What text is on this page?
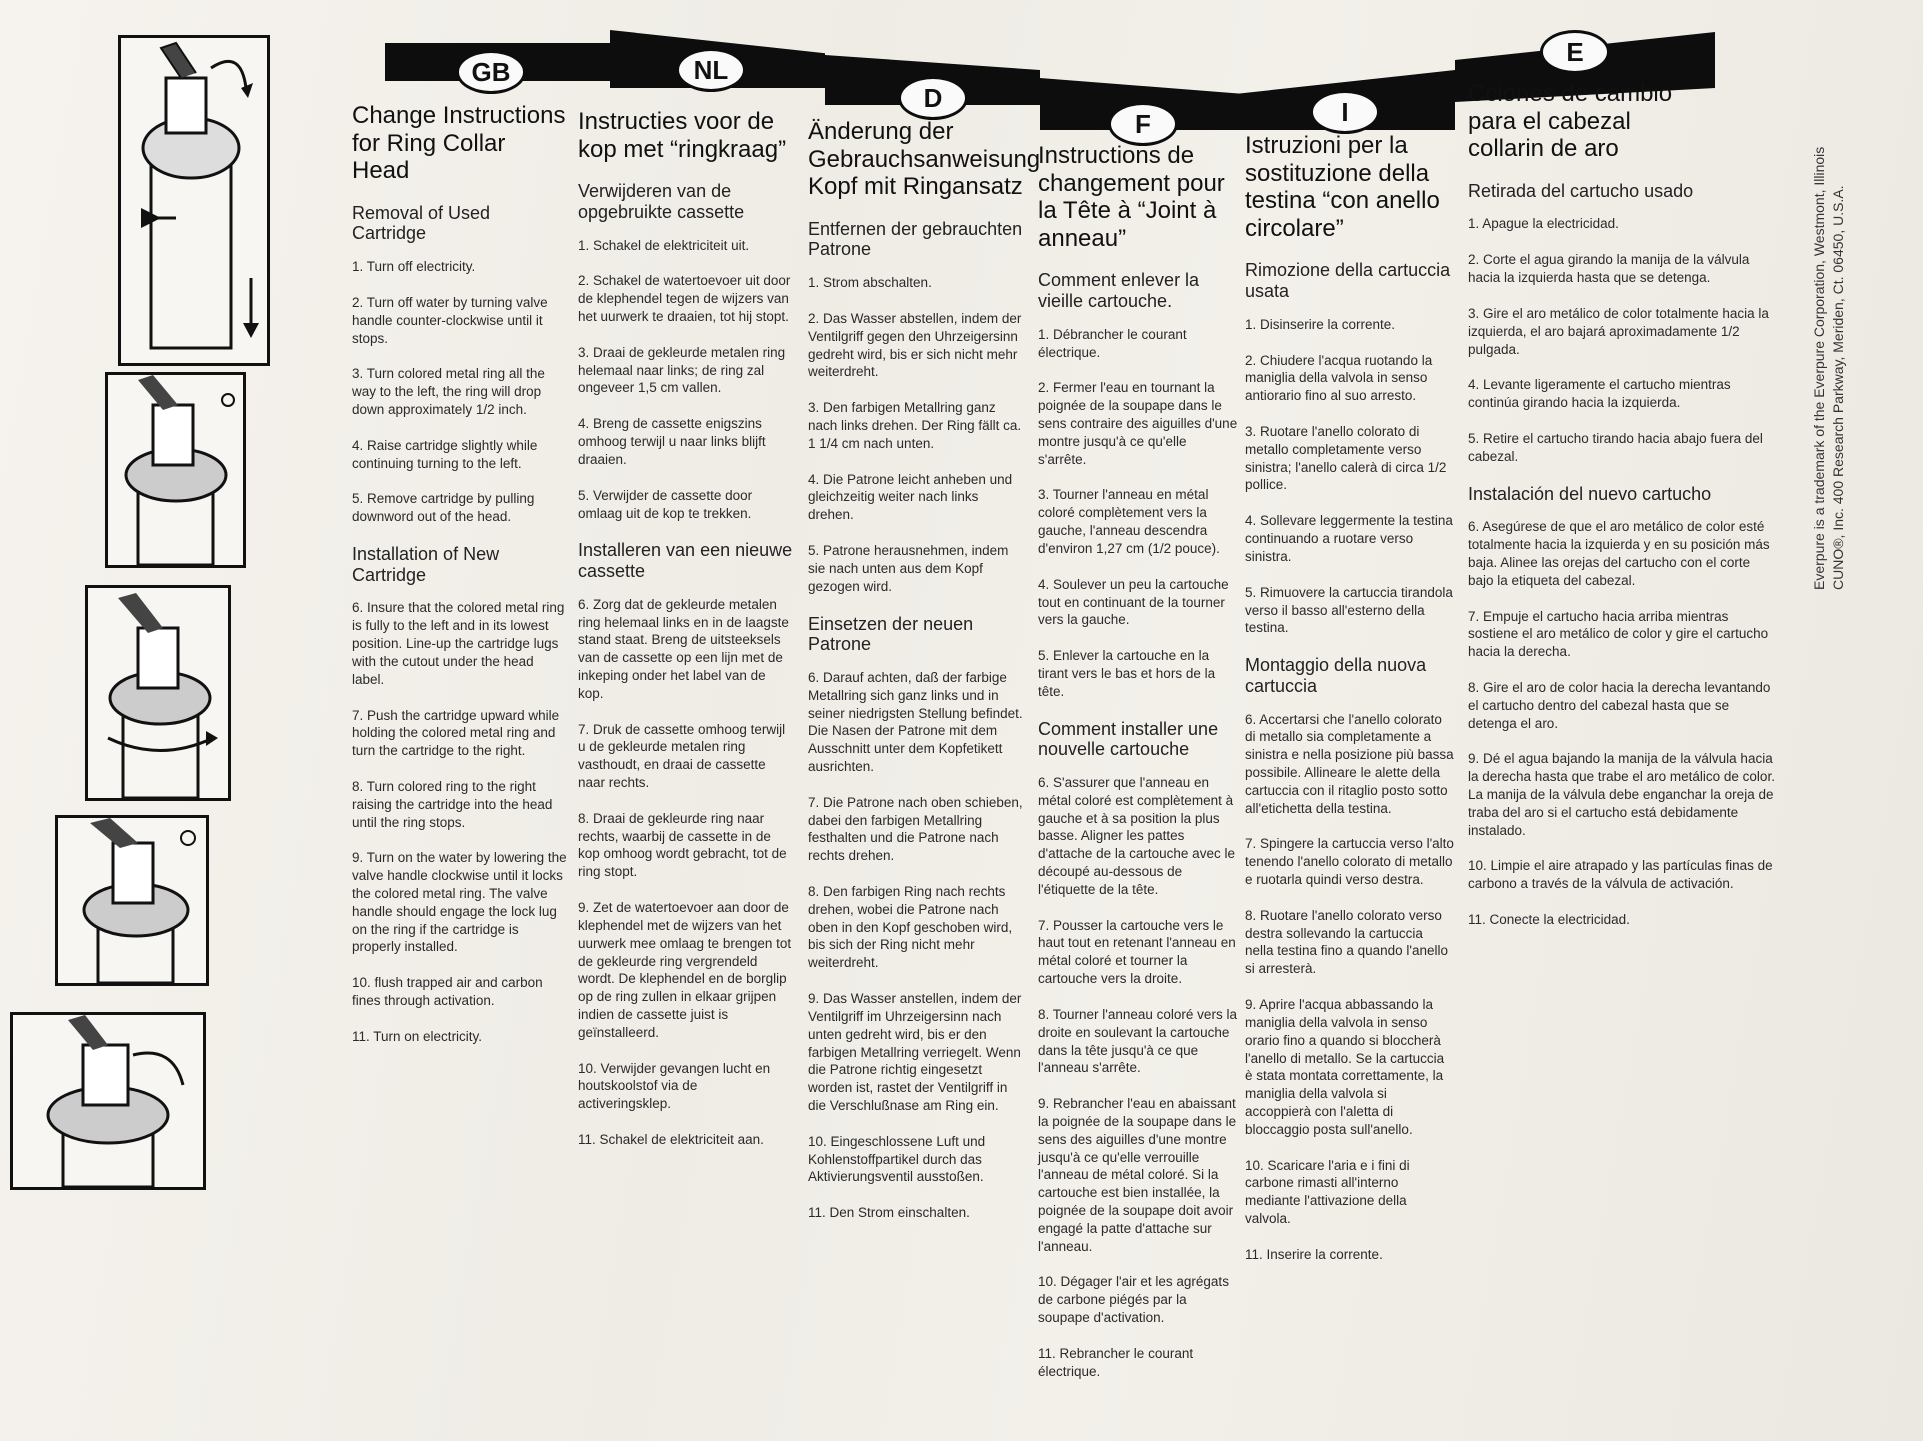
GB	NL
D
F	I
E
Change Instructions for Ring Collar Head
Removal of Used Cartridge
1. Turn off electricity.
2. Turn off water by turning valve handle counter-clockwise until it stops.
3. Turn colored metal ring all the way to the left, the ring will drop down approximately 1/2 inch.
4. Raise cartridge slightly while continuing turning to the left.
5. Remove cartridge by pulling downword out of the head.
Installation of New Cartridge
6. Insure that the colored metal ring is fully to the left and in its lowest position. Line-up the cartridge lugs with the cutout under the head label.
7. Push the cartridge upward while holding the colored metal ring and turn the cartridge to the right.
8. Turn colored ring to the right raising the cartridge into the head until the ring stops.
9. Turn on the water by lowering the valve handle clockwise until it locks the colored metal ring. The valve handle should engage the lock lug on the ring if the cartridge is properly installed.
10. flush trapped air and carbon fines through activation.
11. Turn on electricity.
Instructies voor de kop met “ringkraag”
Verwijderen van de opgebruikte cassette
1. Schakel de elektriciteit uit.
2. Schakel de watertoevoer uit door de klephendel tegen de wijzers van het uurwerk te draaien, tot hij stopt.
3. Draai de gekleurde metalen ring helemaal naar links; de ring zal ongeveer 1,5 cm vallen.
4. Breng de cassette enigszins omhoog terwijl u naar links blijft draaien.
5. Verwijder de cassette door omlaag uit de kop te trekken.
Installeren van een nieuwe cassette
6. Zorg dat de gekleurde metalen ring helemaal links en in de laagste stand staat. Breng de uitsteeksels van de cassette op een lijn met de inkeping onder het label van de kop.
7. Druk de cassette omhoog terwijl u de gekleurde metalen ring vasthoudt, en draai de cassette naar rechts.
8. Draai de gekleurde ring naar rechts, waarbij de cassette in de kop omhoog wordt gebracht, tot de ring stopt.
9. Zet de watertoevoer aan door de klephendel met de wijzers van het uurwerk mee omlaag te brengen tot de gekleurde ring vergrendeld wordt. De klephendel en de borglip op de ring zullen in elkaar grijpen indien de cassette juist is geïnstalleerd.
10. Verwijder gevangen lucht en houtskoolstof via de activeringsklep.
11. Schakel de elektriciteit aan.
Änderung der Gebrauchsanweisung Kopf mit Ringansatz
Entfernen der gebrauchten Patrone
1. Strom abschalten.
2. Das Wasser abstellen, indem der Ventilgriff gegen den Uhrzeigersinn gedreht wird, bis er sich nicht mehr weiterdreht.
3. Den farbigen Metallring ganz nach links drehen. Der Ring fällt ca. 1 1/4 cm nach unten.
4. Die Patrone leicht anheben und gleichzeitig weiter nach links drehen.
5. Patrone herausnehmen, indem sie nach unten aus dem Kopf gezogen wird.
Einsetzen der neuen Patrone
6. Darauf achten, daß der farbige Metallring sich ganz links und in seiner niedrigsten Stellung befindet. Die Nasen der Patrone mit dem Ausschnitt unter dem Kopfetikett ausrichten.
7. Die Patrone nach oben schieben, dabei den farbigen Metallring festhalten und die Patrone nach rechts drehen.
8. Den farbigen Ring nach rechts drehen, wobei die Patrone nach oben in den Kopf geschoben wird, bis sich der Ring nicht mehr weiterdreht.
9. Das Wasser anstellen, indem der Ventilgriff im Uhrzeigersinn nach unten gedreht wird, bis er den farbigen Metallring verriegelt. Wenn die Patrone richtig eingesetzt worden ist, rastet der Ventilgriff in die Verschlußnase am Ring ein.
10. Eingeschlossene Luft und Kohlenstoffpartikel durch das Aktivierungsventil ausstoßen.
11. Den Strom einschalten.
Instructions de changement pour la Tête à “Joint à anneau”
Comment enlever la vieille cartouche.
1. Débrancher le courant électrique.
2. Fermer l'eau en tournant la poignée de la soupape dans le sens contraire des aiguilles d'une montre jusqu'à ce qu'elle s'arrête.
3. Tourner l'anneau en métal coloré complètement vers la gauche, l'anneau descendra d'environ 1,27 cm (1/2 pouce).
4. Soulever un peu la cartouche tout en continuant de la tourner vers la gauche.
5. Enlever la cartouche en la tirant vers le bas et hors de la tête.
Comment installer une nouvelle cartouche
6. S'assurer que l'anneau en métal coloré est complètement à gauche et à sa position la plus basse. Aligner les pattes d'attache de la cartouche avec le découpé au-dessous de l'étiquette de la tête.
7. Pousser la cartouche vers le haut tout en retenant l'anneau en métal coloré et tourner la cartouche vers la droite.
8. Tourner l'anneau coloré vers la droite en soulevant la cartouche dans la tête jusqu'à ce que l'anneau s'arrête.
9. Rebrancher l'eau en abaissant la poignée de la soupape dans le sens des aiguilles d'une montre jusqu'à ce qu'elle verrouille l'anneau de métal coloré. Si la cartouche est bien installée, la poignée de la soupape doit avoir engagé la patte d'attache sur l'anneau.
10. Dégager l'air et les agrégats de carbone piégés par la soupape d'activation.
11. Rebrancher le courant électrique.
Istruzioni per la sostituzione della testina “con anello circolare”
Rimozione della cartuccia usata
1. Disinserire la corrente.
2. Chiudere l'acqua ruotando la maniglia della valvola in senso antiorario fino al suo arresto.
3. Ruotare l'anello colorato di metallo completamente verso sinistra; l'anello calerà di circa 1/2 pollice.
4. Sollevare leggermente la testina continuando a ruotare verso sinistra.
5. Rimuovere la cartuccia tirandola verso il basso all'esterno della testina.
Montaggio della nuova cartuccia
6. Accertarsi che l'anello colorato di metallo sia completamente a sinistra e nella posizione più bassa possibile. Allineare le alette della cartuccia con il ritaglio posto sotto all'etichetta della testina.
7. Spingere la cartuccia verso l'alto tenendo l'anello colorato di metallo e ruotarla quindi verso destra.
8. Ruotare l'anello colorato verso destra sollevando la cartuccia nella testina fino a quando l'anello si arresterà.
9. Aprire l'acqua abbassando la maniglia della valvola in senso orario fino a quando si bloccherà l'anello di metallo. Se la cartuccia è stata montata correttamente, la maniglia della valvola si accoppierà con l'aletta di bloccaggio posta sull'anello.
10. Scaricare l'aria e i fini di carbone rimasti all'interno mediante l'attivazione della valvola.
11. Inserire la corrente.
Cciones de cambio para el cabezal collarin de aro
Retirada del cartucho usado
1. Apague la electricidad.
2. Corte el agua girando la manija de la válvula hacia la izquierda hasta que se detenga.
3. Gire el aro metálico de color totalmente hacia la izquierda, el aro bajará aproximadamente 1/2 pulgada.
4. Levante ligeramente el cartucho mientras continúa girando hacia la izquierda.
5. Retire el cartucho tirando hacia abajo fuera del cabezal.
Instalación del nuevo cartucho
6. Asegúrese de que el aro metálico de color esté totalmente hacia la izquierda y en su posición más baja. Alinee las orejas del cartucho con el corte bajo la etiqueta del cabezal.
7. Empuje el cartucho hacia arriba mientras sostiene el aro metálico de color y gire el cartucho hacia la derecha.
8. Gire el aro de color hacia la derecha levantando el cartucho dentro del cabezal hasta que se detenga el aro.
9. Dé el agua bajando la manija de la válvula hacia la derecha hasta que trabe el aro metálico de color. La manija de la válvula debe enganchar la oreja de traba del aro si el cartucho está debidamente instalado.
10. Limpie el aire atrapado y las partículas finas de carbono a través de la válvula de activación.
11. Conecte la electricidad.
Everpure is a trademark of the Everpure Corporation, Westmont, Illinois CUNO®, Inc. 400 Research Parkway, Meriden, Ct. 06450, U.S.A.
